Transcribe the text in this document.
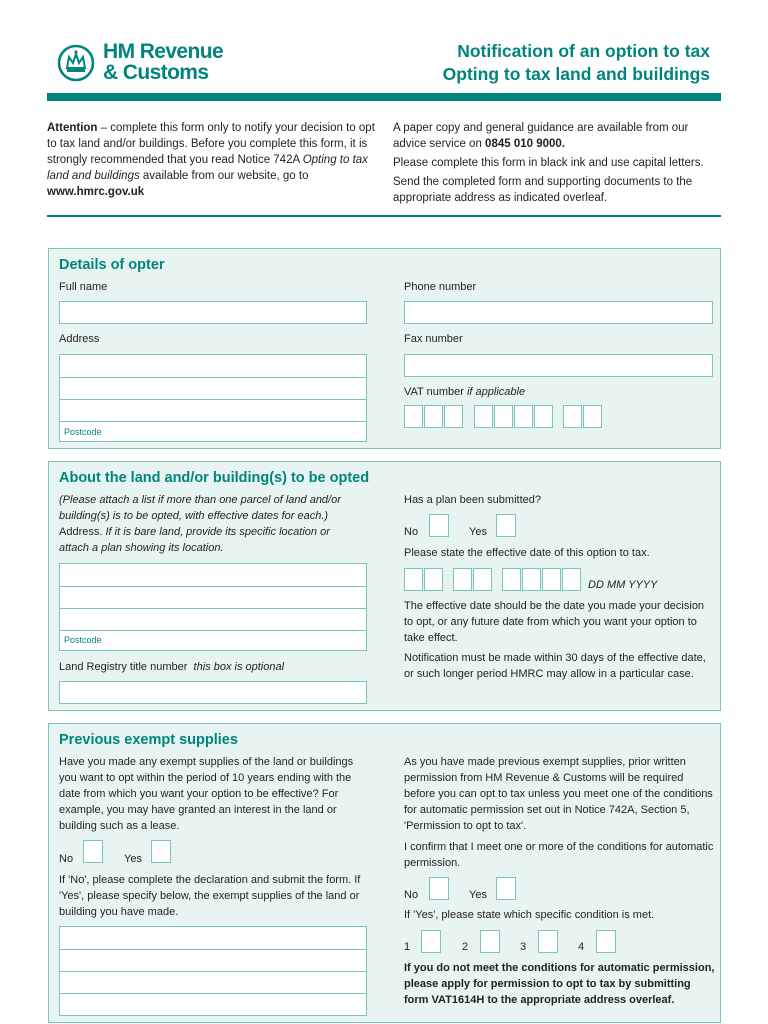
HM Revenue
& Customs
Notification of an option to tax
Opting to tax land and buildings
Attention – complete this form only to notify your decision to opt to tax land and/or buildings. Before you complete this form, it is strongly recommended that you read Notice 742A Opting to tax land and buildings available from our website, go to www.hmrc.gov.uk

A paper copy and general guidance are available from our advice service on 0845 010 9000.

Please complete this form in black ink and use capital letters.

Send the completed form and supporting documents to the appropriate address as indicated overleaf.

Details of opter
Full name
Address
Postcode
Phone number
Fax number
VAT number if applicable
About the land and/or building(s) to be opted
(Please attach a list if more than one parcel of land and/or building(s) is to be opted, with effective dates for each.) Address. If it is bare land, provide its specific location or attach a plan showing its location.
Postcode
Land Registry title number this box is optional
Has a plan been submitted?
No	Yes
Please state the effective date of this option to tax.
DD MM YYYY
The effective date should be the date you made your decision to opt, or any future date from which you want your option to take effect.
Notification must be made within 30 days of the effective date, or such longer period HMRC may allow in a particular case.
Previous exempt supplies
Have you made any exempt supplies of the land or buildings you want to opt within the period of 10 years ending with the date from which you want your option to be effective? For example, you may have granted an interest in the land or building such as a lease.
No	Yes
If 'No', please complete the declaration and submit the form. If 'Yes', please specify below, the exempt supplies of the land or building you have made.
As you have made previous exempt supplies, prior written permission from HM Revenue & Customs will be required before you can opt to tax unless you meet one of the conditions for automatic permission set out in Notice 742A, Section 5, 'Permission to opt to tax'.
I confirm that I meet one or more of the conditions for automatic permission.
No	Yes
If 'Yes', please state which specific condition is met.
1	2	3	4
If you do not meet the conditions for automatic permission, please apply for permission to opt to tax by submitting form VAT1614H to the appropriate address overleaf.
